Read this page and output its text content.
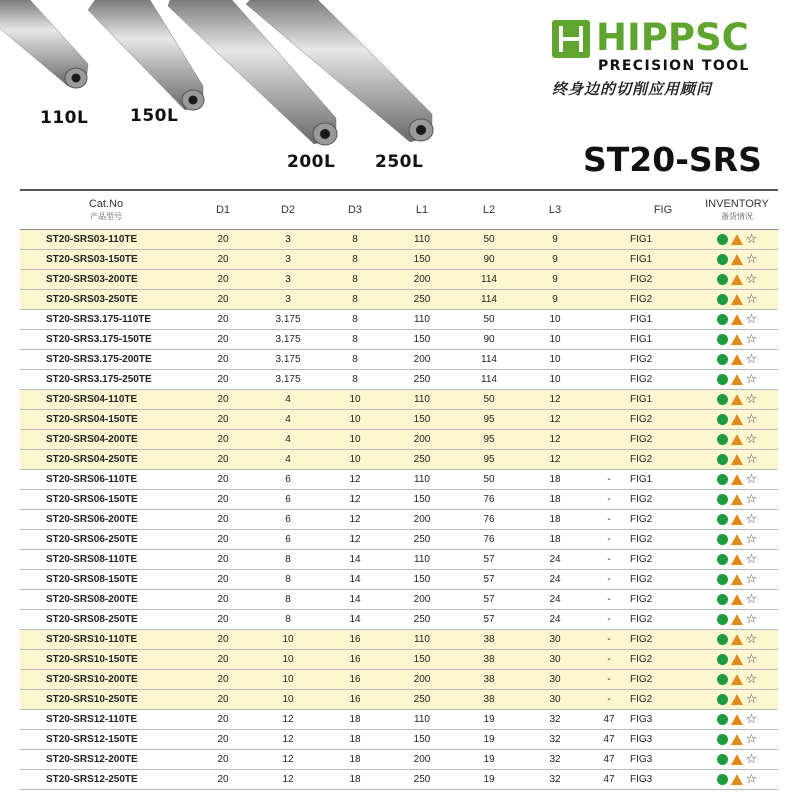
110L 150L
200L 250L
HIPPSC
PRECISION TOOL
终身边的切削应用顾问
ST20-SRS
Cat.No
产品型号	D1	D2	D3	L1	L2	L3		FIG	INVENTORY
备货情况

ST20-SRS03-110TE	20	3	8	110	50	9		FIG1	☆
ST20-SRS03-150TE	20	3	8	150	90	9		FIG1	☆
ST20-SRS03-200TE	20	3	8	200	114	9		FIG2	☆
ST20-SRS03-250TE	20	3	8	250	114	9		FIG2	☆
ST20-SRS3.175-110TE	20	3.175	8	110	50	10		FIG1	☆
ST20-SRS3.175-150TE	20	3.175	8	150	90	10		FIG1	☆
ST20-SRS3.175-200TE	20	3.175	8	200	114	10		FIG2	☆
ST20-SRS3.175-250TE	20	3.175	8	250	114	10		FIG2	☆
ST20-SRS04-110TE	20	4	10	110	50	12		FIG1	☆
ST20-SRS04-150TE	20	4	10	150	95	12		FIG2	☆
ST20-SRS04-200TE	20	4	10	200	95	12		FIG2	☆
ST20-SRS04-250TE	20	4	10	250	95	12		FIG2	☆
ST20-SRS06-110TE	20	6	12	110	50	18	-	FIG1	☆
ST20-SRS06-150TE	20	6	12	150	76	18	-	FIG2	☆
ST20-SRS06-200TE	20	6	12	200	76	18	-	FIG2	☆
ST20-SRS06-250TE	20	6	12	250	76	18	-	FIG2	☆
ST20-SRS08-110TE	20	8	14	110	57	24	-	FIG2	☆
ST20-SRS08-150TE	20	8	14	150	57	24	-	FIG2	☆
ST20-SRS08-200TE	20	8	14	200	57	24	-	FIG2	☆
ST20-SRS08-250TE	20	8	14	250	57	24	-	FIG2	☆
ST20-SRS10-110TE	20	10	16	110	38	30	-	FIG2	☆
ST20-SRS10-150TE	20	10	16	150	38	30	-	FIG2	☆
ST20-SRS10-200TE	20	10	16	200	38	30	-	FIG2	☆
ST20-SRS10-250TE	20	10	16	250	38	30	-	FIG2	☆
ST20-SRS12-110TE	20	12	18	110	19	32	47	FIG3	☆
ST20-SRS12-150TE	20	12	18	150	19	32	47	FIG3	☆
ST20-SRS12-200TE	20	12	18	200	19	32	47	FIG3	☆
ST20-SRS12-250TE	20	12	18	250	19	32	47	FIG3	☆
